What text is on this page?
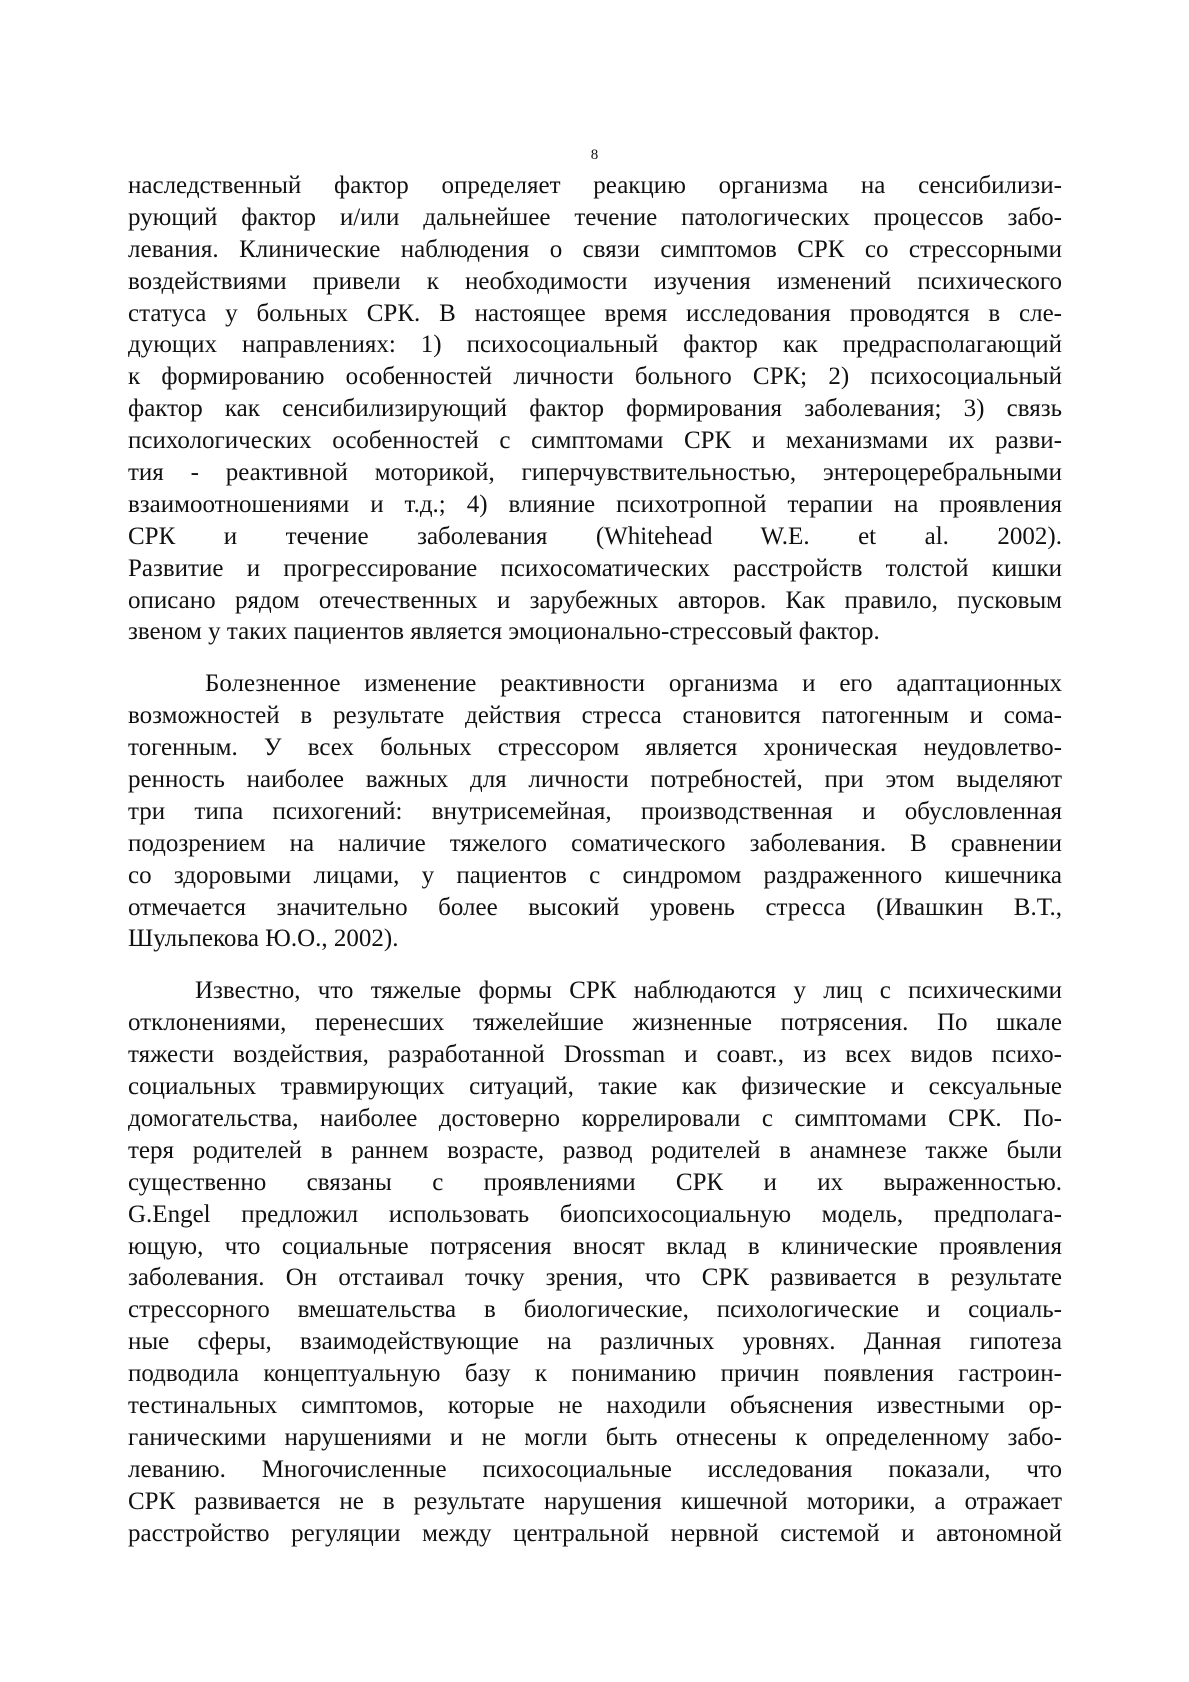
8
наследственный фактор определяет реакцию организма на сенсибилизи-
рующий фактор и/или дальнейшее течение патологических процессов забо-
левания. Клинические наблюдения о связи симптомов СРК со стрессорными
воздействиями привели к необходимости изучения изменений психического
статуса у больных СРК. В настоящее время исследования проводятся в сле-
дующих направлениях: 1) психосоциальный фактор как предрасполагающий
к формированию особенностей личности больного СРК; 2) психосоциальный
фактор как сенсибилизирующий фактор формирования заболевания; 3) связь
психологических особенностей с симптомами СРК и механизмами их разви-
тия - реактивной моторикой, гиперчувствительностью, энтероцеребральными
взаимоотношениями и т.д.; 4) влияние психотропной терапии на проявления
СРК и течение заболевания (Whitehead W.E. et al. 2002).
Развитие и прогрессирование психосоматических расстройств толстой кишки
описано рядом отечественных и зарубежных авторов. Как правило, пусковым
звеном у таких пациентов является эмоционально-стрессовый фактор.
Болезненное изменение реактивности организма и его адаптационных
возможностей в результате действия стресса становится патогенным и сома-
тогенным. У всех больных стрессором является хроническая неудовлетво-
ренность наиболее важных для личности потребностей, при этом выделяют
три типа психогений: внутрисемейная, производственная и обусловленная
подозрением на наличие тяжелого соматического заболевания. В сравнении
со здоровыми лицами, у пациентов с синдромом раздраженного кишечника
отмечается значительно более высокий уровень стресса (Ивашкин В.Т.,
Шульпекова Ю.О., 2002).
Известно, что тяжелые формы СРК наблюдаются у лиц с психическими
отклонениями, перенесших тяжелейшие жизненные потрясения. По шкале
тяжести воздействия, разработанной Drossman и соавт., из всех видов психо-
социальных травмирующих ситуаций, такие как физические и сексуальные
домогательства, наиболее достоверно коррелировали с симптомами СРК. По-
теря родителей в раннем возрасте, развод родителей в анамнезе также были
существенно связаны с проявлениями СРК и их выраженностью.
G.Engel предложил использовать биопсихосоциальную модель, предполага-
ющую, что социальные потрясения вносят вклад в клинические проявления
заболевания. Он отстаивал точку зрения, что СРК развивается в результате
стрессорного вмешательства в биологические, психологические и социаль-
ные сферы, взаимодействующие на различных уровнях. Данная гипотеза
подводила концептуальную базу к пониманию причин появления гастроин-
тестинальных симптомов, которые не находили объяснения известными ор-
ганическими нарушениями и не могли быть отнесены к определенному забо-
леванию. Многочисленные психосоциальные исследования показали, что
СРК развивается не в результате нарушения кишечной моторики, а отражает
расстройство регуляции между центральной нервной системой и автономной
